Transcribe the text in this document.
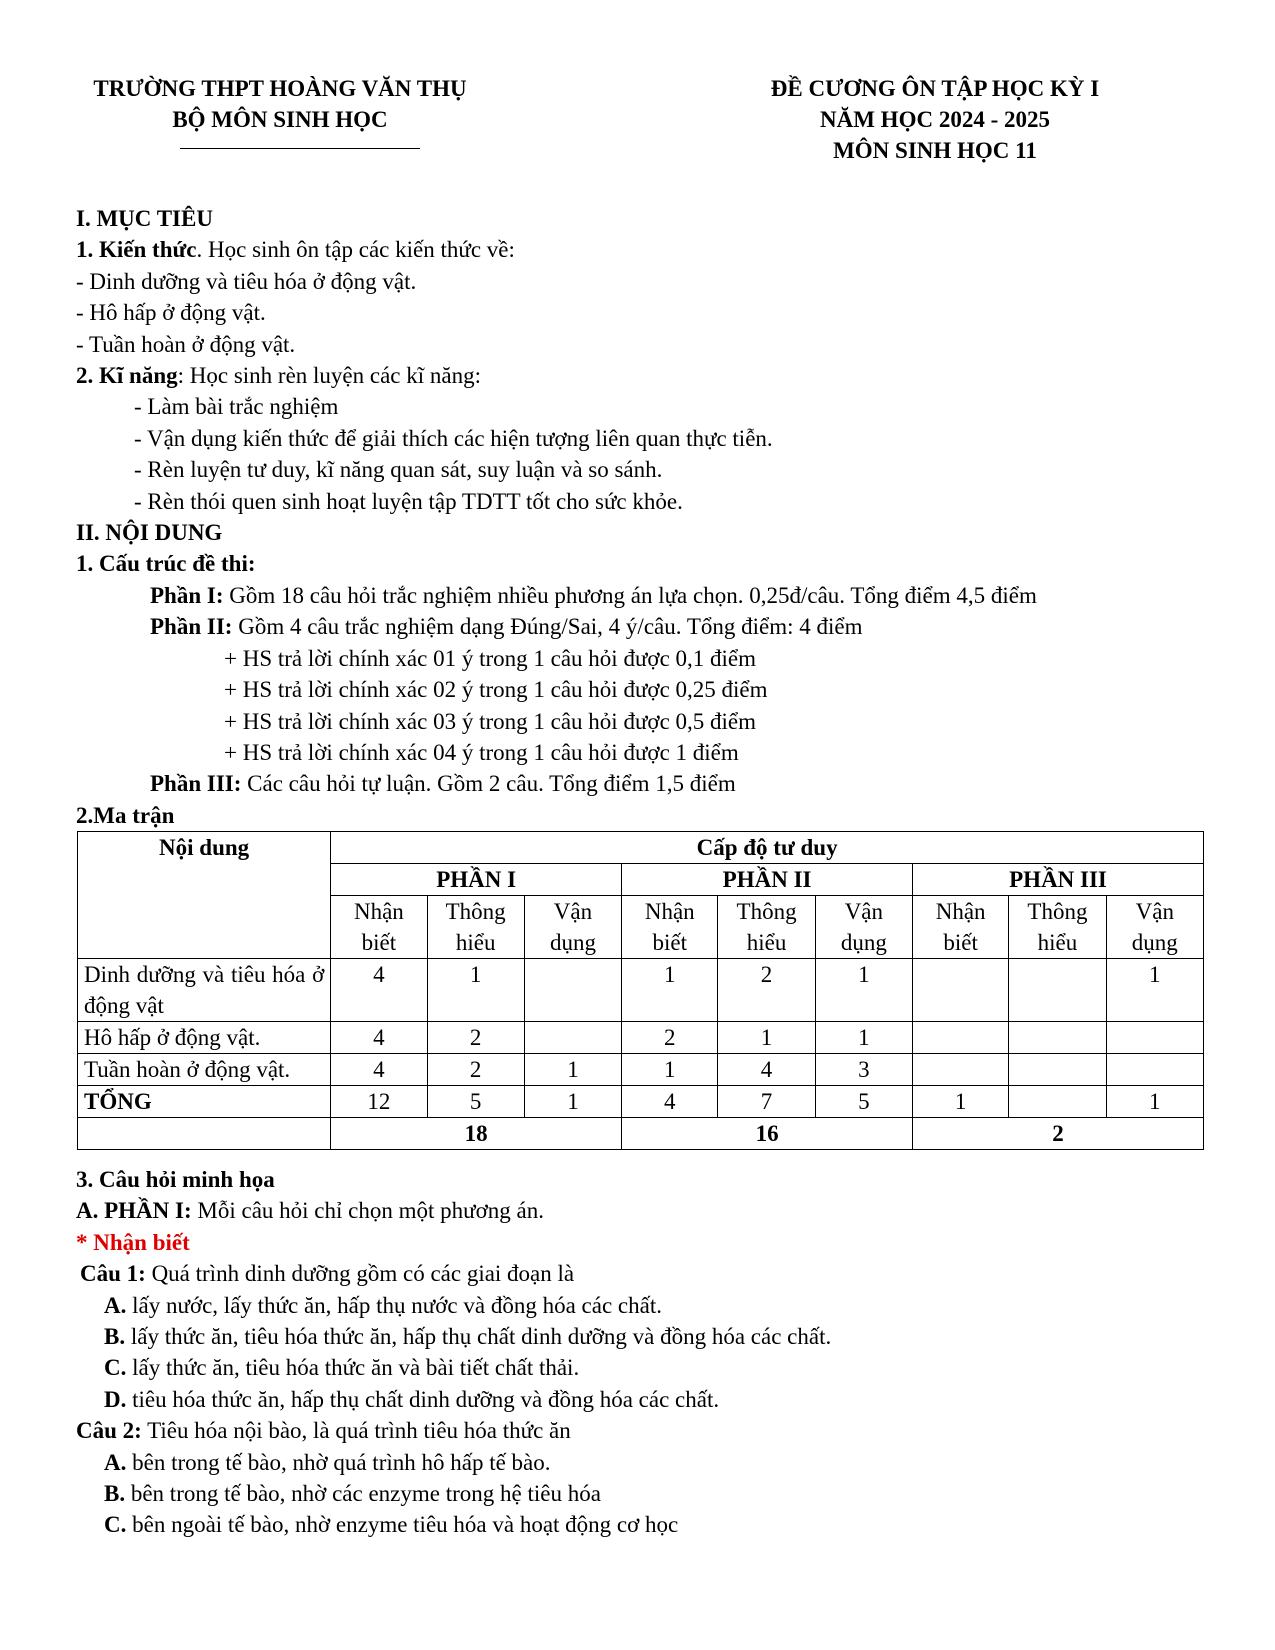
TRƯỜNG THPT HOÀNG VĂN THỤ
BỘ MÔN SINH HỌC
ĐỀ CƯƠNG ÔN TẬP HỌC KỲ I
NĂM HỌC 2024 - 2025
MÔN SINH HỌC 11

I. MỤC TIÊU

1. Kiến thức. Học sinh ôn tập các kiến thức về:

- Dinh dưỡng và tiêu hóa ở động vật.

- Hô hấp ở động vật.

- Tuần hoàn ở động vật.

2. Kĩ năng: Học sinh rèn luyện các kĩ năng:

- Làm bài trắc nghiệm

- Vận dụng kiến thức để giải thích các hiện tượng liên quan thực tiễn.

- Rèn luyện tư duy, kĩ năng quan sát, suy luận và so sánh.

- Rèn thói quen sinh hoạt luyện tập TDTT tốt cho sức khỏe.

II. NỘI DUNG

1. Cấu trúc đề thi:

Phần I: Gồm 18 câu hỏi trắc nghiệm nhiều phương án lựa chọn. 0,25đ/câu. Tổng điểm 4,5 điểm

Phần II: Gồm 4 câu trắc nghiệm dạng Đúng/Sai, 4 ý/câu. Tổng điểm: 4 điểm

+ HS trả lời chính xác 01 ý trong 1 câu hỏi được 0,1 điểm

+ HS trả lời chính xác 02 ý trong 1 câu hỏi được 0,25 điểm

+ HS trả lời chính xác 03 ý trong 1 câu hỏi được 0,5 điểm

+ HS trả lời chính xác 04 ý trong 1 câu hỏi được 1 điểm

Phần III: Các câu hỏi tự luận. Gồm 2 câu. Tổng điểm 1,5 điểm

2.Ma trận

Nội dung	Cấp độ tư duy								
	PHẦN I			PHẦN II			PHẦN III		
	Nhận
biết	Thông
hiểu	Vận
dụng	Nhận
biết	Thông
hiểu	Vận
dụng	Nhận
biết	Thông
hiểu	Vận
dụng
Dinh dưỡng và tiêu hóa ở động vật	4	1		1	2	1			1
Hô hấp ở động vật.	4	2		2	1	1			
Tuần hoàn ở động vật.	4	2	1	1	4	3			
TỔNG	12	5	1	4	7	5	1		1
	18			16			2		

3. Câu hỏi minh họa

A. PHẦN I: Mỗi câu hỏi chỉ chọn một phương án.

* Nhận biết

Câu 1: Quá trình dinh dưỡng gồm có các giai đoạn là

A. lấy nước, lấy thức ăn, hấp thụ nước và đồng hóa các chất.

B. lấy thức ăn, tiêu hóa thức ăn, hấp thụ chất dinh dưỡng và đồng hóa các chất.

C. lấy thức ăn, tiêu hóa thức ăn và bài tiết chất thải.

D. tiêu hóa thức ăn, hấp thụ chất dinh dưỡng và đồng hóa các chất.

Câu 2: Tiêu hóa nội bào, là quá trình tiêu hóa thức ăn

A. bên trong tế bào, nhờ quá trình hô hấp tế bào.

B. bên trong tế bào, nhờ các enzyme trong hệ tiêu hóa

C. bên ngoài tế bào, nhờ enzyme tiêu hóa và hoạt động cơ học
